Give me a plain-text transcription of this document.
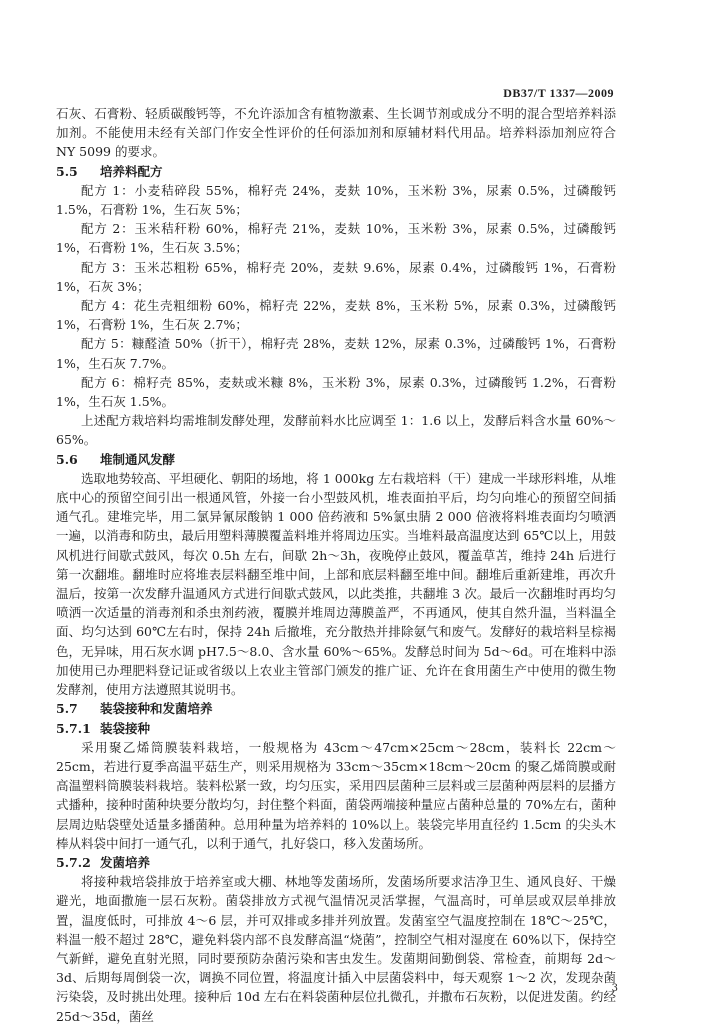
DB37/T 1337—2009

石灰、石膏粉、轻质碳酸钙等，不允许添加含有植物激素、生长调节剂或成分不明的混合型培养料添加剂。不能使用未经有关部门作安全性评价的任何添加剂和原辅材料代用品。培养料添加剂应符合 NY 5099 的要求。

5.5 培养料配方

配方 1：小麦秸碎段 55%，棉籽壳 24%，麦麸 10%，玉米粉 3%，尿素 0.5%，过磷酸钙 1.5%，石膏粉 1%，生石灰 5%；

配方 2：玉米秸秆粉 60%，棉籽壳 21%，麦麸 10%，玉米粉 3%，尿素 0.5%，过磷酸钙 1%，石膏粉 1%，生石灰 3.5%；

配方 3：玉米芯粗粉 65%，棉籽壳 20%，麦麸 9.6%，尿素 0.4%，过磷酸钙 1%，石膏粉 1%，石灰 3%；

配方 4：花生壳粗细粉 60%，棉籽壳 22%，麦麸 8%，玉米粉 5%，尿素 0.3%，过磷酸钙 1%，石膏粉 1%，生石灰 2.7%；

配方 5：糠醛渣 50%（折干），棉籽壳 28%，麦麸 12%，尿素 0.3%，过磷酸钙 1%，石膏粉 1%，生石灰 7.7%。

配方 6：棉籽壳 85%，麦麸或米糠 8%，玉米粉 3%，尿素 0.3%，过磷酸钙 1.2%，石膏粉 1%，生石灰 1.5%。

上述配方栽培料均需堆制发酵处理，发酵前料水比应调至 1：1.6 以上，发酵后料含水量 60%～65%。

5.6 堆制通风发酵

选取地势较高、平坦硬化、朝阳的场地，将 1 000kg 左右栽培料（干）建成一半球形料堆，从堆底中心的预留空间引出一根通风管，外接一台小型鼓风机，堆表面拍平后，均匀向堆心的预留空间插通气孔。建堆完毕，用二氯异氰尿酸钠 1 000 倍药液和 5%氯虫腈 2 000 倍液将料堆表面均匀喷洒一遍，以消毒和防虫，最后用塑料薄膜覆盖料堆并将周边压实。当堆料最高温度达到 65℃以上，用鼓风机进行间歇式鼓风，每次 0.5h 左右，间歇 2h～3h，夜晚停止鼓风，覆盖草苫，维持 24h 后进行第一次翻堆。翻堆时应将堆表层料翻至堆中间，上部和底层料翻至堆中间。翻堆后重新建堆，再次升温后，按第一次发酵升温通风方式进行间歇式鼓风，以此类推，共翻堆 3 次。最后一次翻堆时再均匀喷洒一次适量的消毒剂和杀虫剂药液，覆膜并堆周边薄膜盖严，不再通风，使其自然升温，当料温全面、均匀达到 60℃左右时，保持 24h 后撤堆，充分散热并排除氨气和废气。发酵好的栽培料呈棕褐色，无异味，用石灰水调 pH7.5～8.0、含水量 60%～65%。发酵总时间为 5d～6d。可在堆料中添加使用已办理肥料登记证或省级以上农业主管部门颁发的推广证、允许在食用菌生产中使用的微生物发酵剂，使用方法遵照其说明书。

5.7 装袋接种和发菌培养
5.7.1 装袋接种

采用聚乙烯筒膜装料栽培，一般规格为 43cm～47cm×25cm～28cm，装料长 22cm～25cm，若进行夏季高温平菇生产，则采用规格为 33cm～35cm×18cm～20cm 的聚乙烯筒膜或耐高温塑料筒膜装料栽培。装料松紧一致，均匀压实，采用四层菌种三层料或三层菌种两层料的层播方式播种，接种时菌种块要分散均匀，封住整个料面，菌袋两端接种量应占菌种总量的 70%左右，菌种层周边贴袋壁处适量多播菌种。总用种量为培养料的 10%以上。装袋完毕用直径约 1.5cm 的尖头木棒从料袋中间打一通气孔，以利于通气，扎好袋口，移入发菌场所。

5.7.2 发菌培养

将接种栽培袋排放于培养室或大棚、林地等发菌场所，发菌场所要求洁净卫生、通风良好、干燥避光，地面撒施一层石灰粉。菌袋排放方式视气温情况灵活掌握，气温高时，可单层或双层单排放置，温度低时，可排放 4～6 层，并可双排或多排并列放置。发菌室空气温度控制在 18℃～25℃，料温一般不超过 28℃，避免料袋内部不良发酵高温“烧菌”，控制空气相对湿度在 60%以下，保持空气新鲜，避免直射光照，同时要预防杂菌污染和害虫发生。发菌期间勤倒袋、常检查，前期每 2d～3d、后期每周倒袋一次，调换不同位置，将温度计插入中层菌袋料中，每天观察 1～2 次，发现杂菌污染袋，及时挑出处理。接种后 10d 左右在料袋菌种层位扎微孔，并撒布石灰粉，以促进发菌。约经 25d～35d，菌丝

3
